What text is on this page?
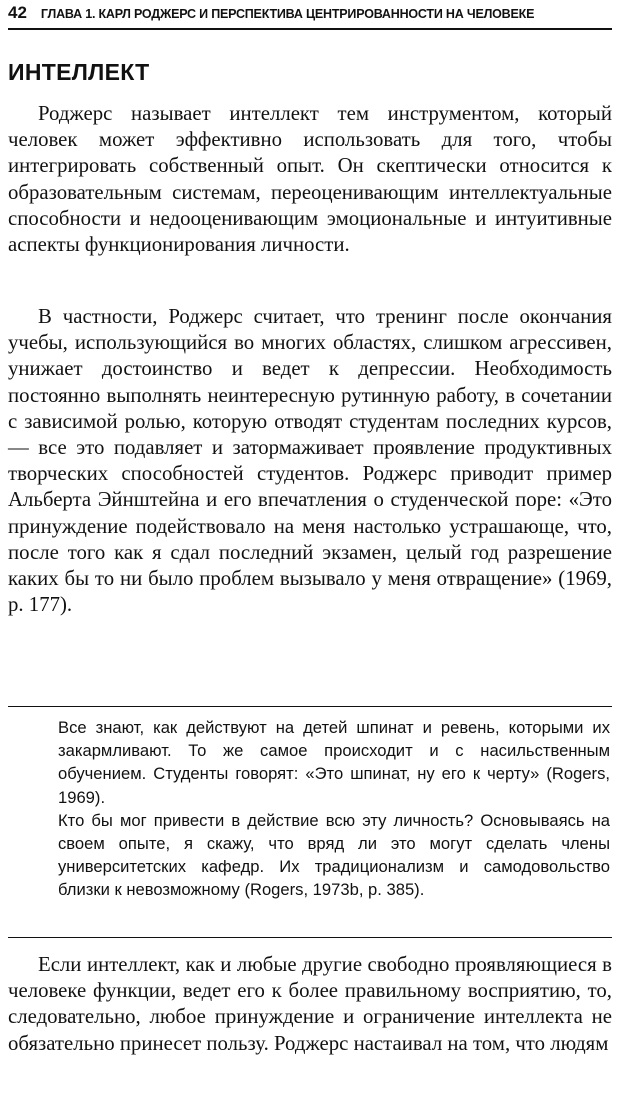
42 ГЛАВА 1. КАРЛ РОДЖЕРС И ПЕРСПЕКТИВА ЦЕНТРИРОВАННОСТИ НА ЧЕЛОВЕКЕ
ИНТЕЛЛЕКТ

Роджерс называет интеллект тем инструментом, который человек может эффективно использовать для того, чтобы интегрировать собственный опыт. Он скептически относится к образовательным системам, переоценивающим интеллектуальные способности и недооценивающим эмоциональные и интуитивные аспекты функционирования личности.

В частности, Роджерс считает, что тренинг после окончания учебы, использующийся во многих областях, слишком агрессивен, унижает достоинство и ведет к депрессии. Необходимость постоянно выполнять неинтересную рутинную работу, в сочетании с зависимой ролью, которую отводят студентам последних курсов, — все это подавляет и затормаживает проявление продуктивных творческих способностей студентов. Роджерс приводит пример Альберта Эйнштейна и его впечатления о студенческой поре: «Это принуждение подействовало на меня настолько устрашающе, что, после того как я сдал последний экзамен, целый год разрешение каких бы то ни было проблем вызывало у меня отвращение» (1969, p. 177).

Все знают, как действуют на детей шпинат и ревень, которыми их закармливают. То же самое происходит и с насильственным обучением. Студенты говорят: «Это шпинат, ну его к черту» (Rogers, 1969).

Кто бы мог привести в действие всю эту личность? Основываясь на своем опыте, я скажу, что вряд ли это могут сделать члены университетских кафедр. Их традиционализм и самодовольство близки к невозможному (Rogers, 1973b, p. 385).

Если интеллект, как и любые другие свободно проявляющиеся в человеке функции, ведет его к более правильному восприятию, то, следовательно, любое принуждение и ограничение интеллекта не обязательно принесет пользу. Роджерс настаивал на том, что людям
